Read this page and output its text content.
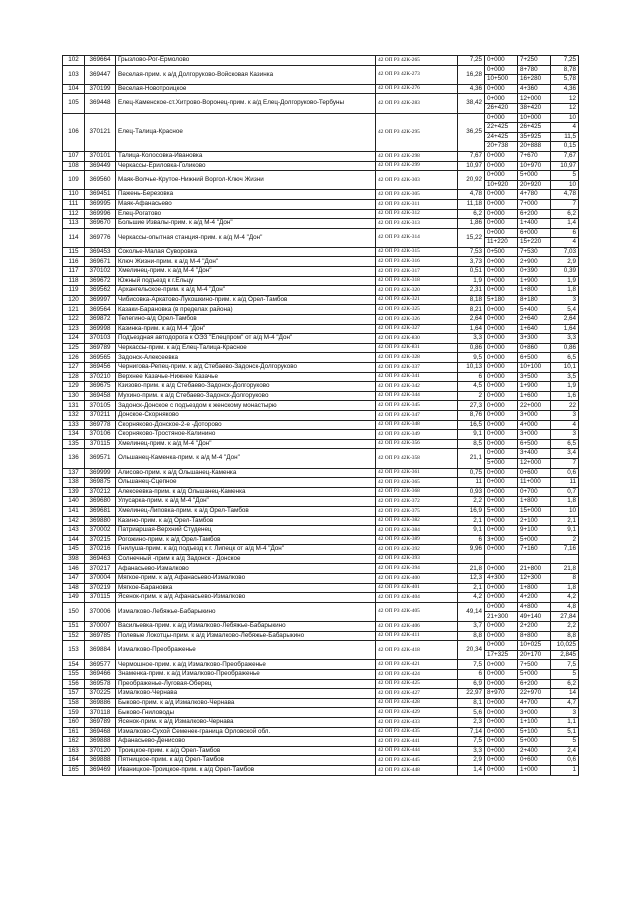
102	369664	Грызлово-Рог-Ермолово	42 ОП РЗ 42К-265	7,25	0+000	7+250	7,25
103	369447	Веселая-прим. к а/д Долгоруково-Войсковая Казинка	42 ОП РЗ 42К-273	16,28	0+000	8+780	8,78
					10+500	16+280	5,78
104	370199	Веселая-Новотроицкое	42 ОП РЗ 42К-276	4,36	0+000	4+360	4,36
105	369448	Елец-Каменское-ст.Хитрово-Воронец-прим. к а/д Елец-Долгоруково-Тербуны	42 ОП РЗ 42К-283	38,42	0+000	12+000	12
					26+420	38+420	12
106	370121	Елец-Талица-Красное	42 ОП РЗ 42К-295	36,25	0+000	10+000	10
					22+425	26+425	4
					24+425	35+925	11,5
					20+738	20+888	0,15
107	370101	Талица-Колосовка-Ивановка	42 ОП РЗ 42К-298	7,67	0+000	7+670	7,67
108	369449	Черкассы-Ериловка-Голиково	42 ОП РЗ 42К-299	10,97	0+000	10+970	10,97
109	369560	Маяк-Волчье-Крутое-Нижний Воргол-Ключ Жизни	42 ОП РЗ 42К-303	20,92	0+000	5+000	5
					10+920	20+920	10
110	369451	Пажень-Березовка	42 ОП РЗ 42К-305	4,78	0+000	4+780	4,78
111	369995	Маяк-Афанасьево	42 ОП РЗ 42К-311	11,18	0+000	7+000	7
112	369996	Елец-Рогатово	42 ОП РЗ 42К-312	6,2	0+000	6+200	6,2
113	369670	Большие Извалы-прим. к а/д М-4 "Дон"	42 ОП РЗ 42К-313	1,86	0+000	1+400	1,4
114	369776	Черкассы-опытная станция-прим. к а/д М-4 "Дон"	42 ОП РЗ 42К-314	15,22	0+000	6+000	6
					11+220	15+220	4
115	369453	Соколье-Малая Суворовка	42 ОП РЗ 42К-315	7,53	0+500	7+530	7,03
116	369671	Ключ Жизни-прим. к а/д М-4 "Дон"	42 ОП РЗ 42К-316	3,73	0+000	2+900	2,9
117	370102	Хмелинец-прим. к а/д М-4 "Дон"	42 ОП РЗ 42К-317	0,51	0+000	0+390	0,39
118	369672	Южный подъезд к г.Ельцу	42 ОП РЗ 42К-318	1,9	0+000	1+900	1,9
119	369562	Архангельское-прим. к а/д М-4 "Дон"	42 ОП РЗ 42К-320	2,31	0+000	1+800	1,8
120	369997	Чибисовка-Аркатово-Лукошкино-прим. к а/д Орел-Тамбов	42 ОП РЗ 42К-321	8,18	5+180	8+180	3
121	369564	Казаки-Барановка (в пределах района)	42 ОП РЗ 42К-325	8,21	0+000	5+400	5,4
122	369872	Телегино-а/д Орел-Тамбов	42 ОП РЗ 42К-326	2,64	0+000	2+640	2,64
123	369998	Казинка-прим. к а/д М-4 "Дон"	42 ОП РЗ 42К-327	1,64	0+000	1+640	1,64
124	370103	Подъездная автодорога к ОЭЗ "Елецпром" от а/д М-4 "Дон"	42 ОП РЗ 42К-830	3,3	0+000	3+300	3,3
125	369789	Черкассы-прим. к а/д Елец-Талица-Красное	42 ОП РЗ 42К-831	0,86	0+000	0+860	0,86
126	369565	Задонск-Алексеевка	42 ОП РЗ 42К-328	9,5	0+000	6+500	6,5
127	369456	Чернигова-Репец-прим. к а/д Стебаево-Задонск-Долгоруково	42 ОП РЗ 42К-337	10,13	0+000	10+100	10,1
128	370210	Верхнее Казачье-Нижнее Казачье	42 ОП РЗ 42К-341	6	0+000	3+500	3,5
129	369675	Кзизово-прим. к а/д Стебаево-Задонск-Долгоруково	42 ОП РЗ 42К-342	4,5	0+000	1+900	1,9
130	369458	Мухино-прим. к а/д Стебаево-Задонск-Долгоруково	42 ОП РЗ 42К-344	2	0+000	1+600	1,6
131	370105	Задонск-Донское с подъездом к женскому монастырю	42 ОП РЗ 42К-345	27,3	0+000	22+000	22
132	370211	Донское-Скорняково	42 ОП РЗ 42К-347	8,76	0+000	3+000	3
133	369778	Скорняково-Донское-2-е -Доторово	42 ОП РЗ 42К-348	16,5	0+000	4+000	4
134	370106	Скорняково-Тростяное-Калинино	42 ОП РЗ 42К-349	9,1	0+000	3+000	3
135	370115	Хмелинец-прим. к а/д М-4 "Дон"	42 ОП РЗ 42К-356	8,5	0+000	6+500	6,5
136	369571	Ольшанец-Каменка-прим. к а/д М-4 "Дон"	42 ОП РЗ 42К-358	21,1	0+000	3+400	3,4
					5+000	12+000	7
137	369999	Алисово-прим. к а/д Ольшанец-Каменка	42 ОП РЗ 42К-361	0,75	0+000	0+600	0,6
138	369875	Ольшанец-Сцепное	42 ОП РЗ 42К-365	11	0+000	11+000	11
139	370212	Алексеевка-прим. к а/д Ольшанец-Каменка	42 ОП РЗ 42К-368	0,93	0+000	0+700	0,7
140	369680	Улусарка-прим. к а/д М-4 "Дон"	42 ОП РЗ 42К-372	2,2	0+000	1+800	1,8
141	369681	Хмелинец-Липовка-прим. к а/д Орел-Тамбов	42 ОП РЗ 42К-375	16,9	5+000	15+000	10
142	369880	Казино-прим. к а/д Орел-Тамбов	42 ОП РЗ 42К-382	2,1	0+000	2+100	2,1
143	370002	Патриаршая-Верхний Студенец	42 ОП РЗ 42К-384	9,1	0+000	9+100	9,1
144	370215	Рогожино-прим. к а/д Орел-Тамбов	42 ОП РЗ 42К-389	6	3+000	5+000	2
145	370216	Гнилуша-прим. к а/д подъезд к г. Липецк от а/д М-4 "Дон"	42 ОП РЗ 42К-392	9,96	0+000	7+160	7,16
398	369463	Солнечный -прим к а/д Задонск - Донское	42 ОП РЗ 42К-393				
146	370217	Афанасьево-Измалково	42 ОП РЗ 42К-394	21,8	0+000	21+800	21,8
147	370004	Мягкое-прим. к а/д Афанасьево-Измалково	42 ОП РЗ 42К-400	12,3	4+300	12+300	8
148	370219	Мягкое-Барановка	42 ОП РЗ 42К-401	2,1	0+000	1+800	1,8
149	370115	Ясенок-прим. к а/д Афанасьево-Измалково	42 ОП РЗ 42К-404	4,2	0+000	4+200	4,2
150	370006	Измалково-Лебяжье-Бабарыкино	42 ОП РЗ 42К-405	49,14	0+000	4+800	4,8
					21+300	49+140	27,84
151	370007	Васильевка-прим. к а/д Измалково-Лебяжье-Бабарыкино	42 ОП РЗ 42К-406	3,7	0+000	2+200	2,2
152	369785	Полевые Локотцы-прим. к а/д Измалково-Лебяжье-Бабарыкино	42 ОП РЗ 42К-411	8,8	0+000	8+800	8,8
153	369884	Измалково-Преображенье	42 ОП РЗ 42К-418	20,34	0+000	10+025	10,025
					17+325	20+170	2,845
154	369577	Чермошное-прим. к а/д Измалково-Преображенье	42 ОП РЗ 42К-421	7,5	0+000	7+500	7,5
155	369466	Знаменка-прим. к а/д Измалково-Преображенье	42 ОП РЗ 42К-424	6	0+000	5+000	5
156	369578	Преображенье-Луговая-Оберец	42 ОП РЗ 42К-425	6,9	0+000	6+200	6,2
157	370225	Измалково-Чернава	42 ОП РЗ 42К-427	22,97	8+970	22+970	14
158	369886	Быково-прим. к а/д Измалково-Чернава	42 ОП РЗ 42К-428	8,1	0+000	4+700	4,7
159	370118	Быково-Гниловоды	42 ОП РЗ 42К-429	5,6	0+000	3+000	3
160	369789	Ясенок-прим. к а/д Измалково-Чернава	42 ОП РЗ 42К-433	2,3	0+000	1+100	1,1
161	369468	Измалково-Сухой Семенек-граница Орловской обл.	42 ОП РЗ 42К-435	7,14	0+000	5+100	5,1
162	369888	Афанасьево-Денисово	42 ОП РЗ 42К-441	7,5	0+000	5+000	5
163	370120	Троицкое-прим. к а/д Орел-Тамбов	42 ОП РЗ 42К-444	3,3	0+000	2+400	2,4
164	369888	Пятницкое-прим. к а/д Орел-Тамбов	42 ОП РЗ 42К-445	2,9	0+000	0+600	0,6
165	369469	Иваницкое-Троицкое-прим. к а/д Орел-Тамбов	42 ОП РЗ 42К-448	1,4	0+000	1+000	1
